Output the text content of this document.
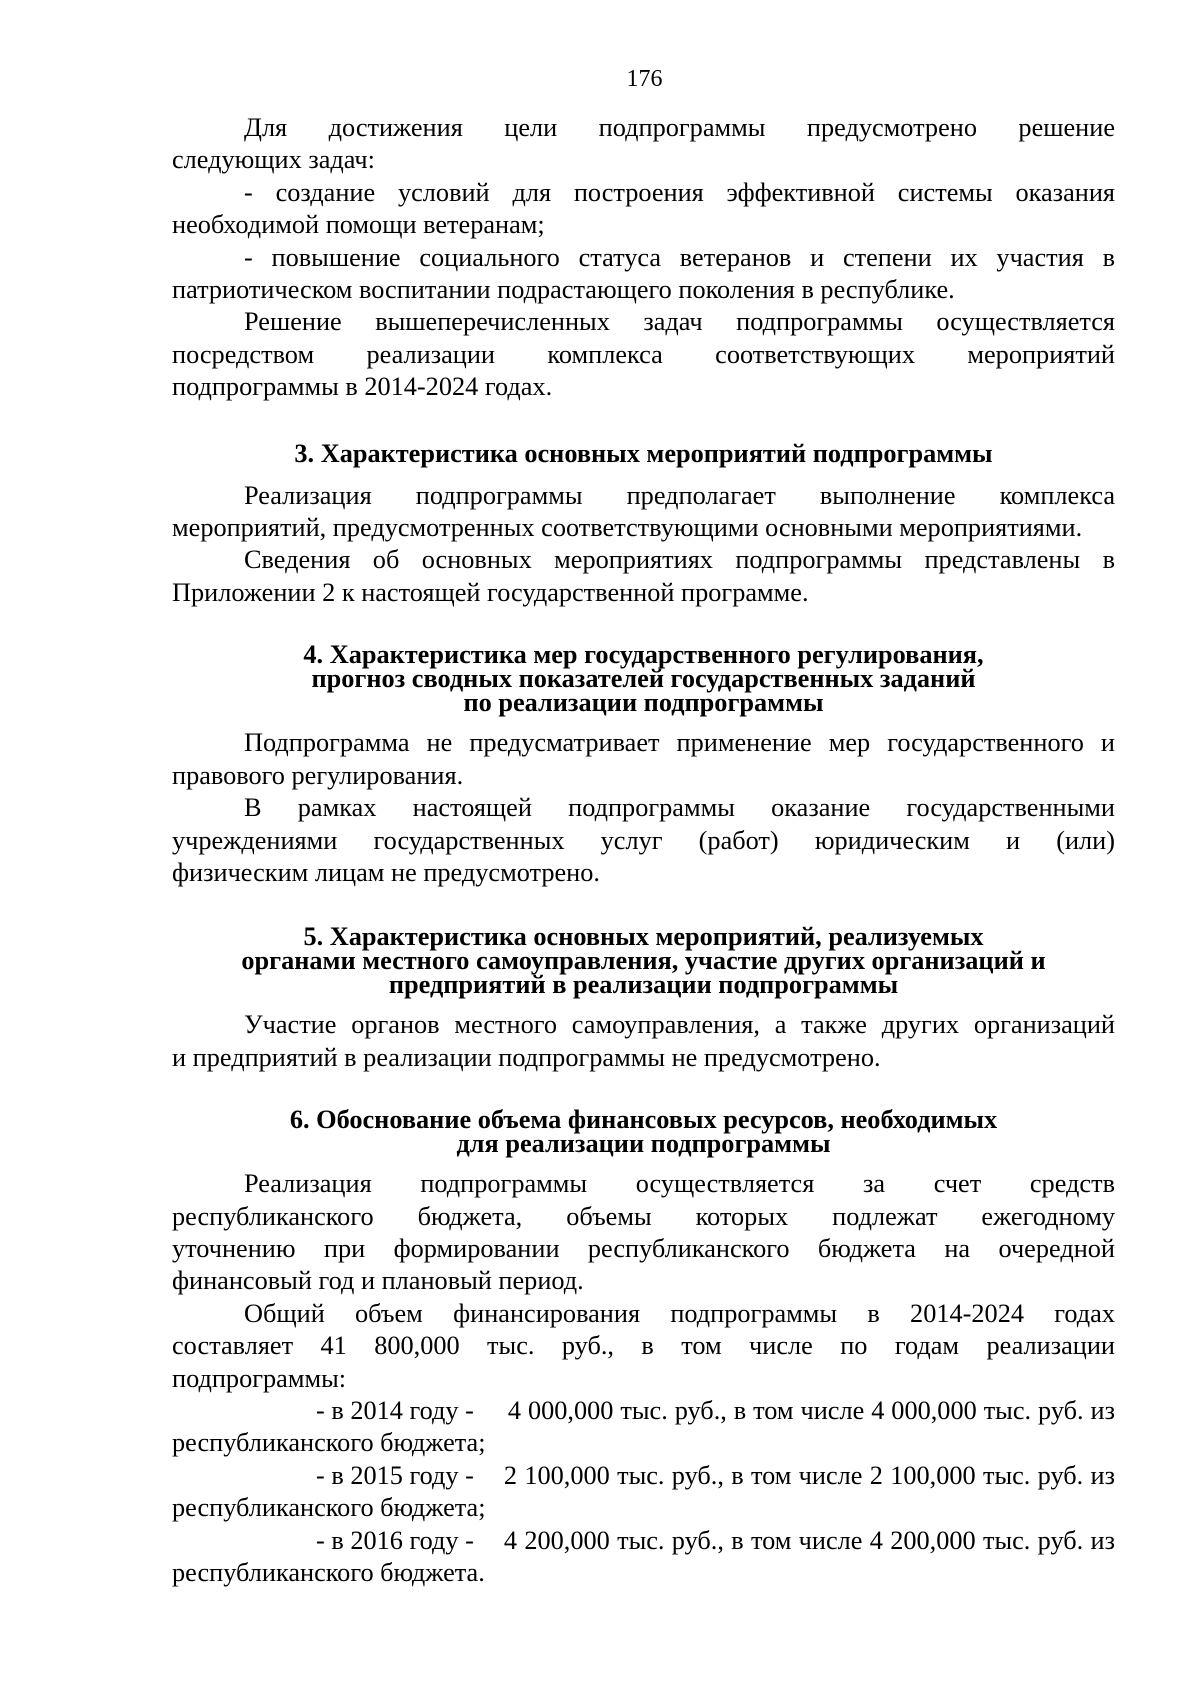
176

Для достижения цели подпрограммы предусмотрено решение

следующих задач:

- создание условий для построения эффективной системы оказания

необходимой помощи ветеранам;

- повышение социального статуса ветеранов и степени их участия в

патриотическом воспитании подрастающего поколения в республике.

Решение вышеперечисленных задач подпрограммы осуществляется

посредством реализации комплекса соответствующих мероприятий

подпрограммы в 2014-2024 годах.

3. Характеристика основных мероприятий подпрограммы

Реализация подпрограммы предполагает выполнение комплекса

мероприятий, предусмотренных соответствующими основными мероприятиями.

Сведения об основных мероприятиях подпрограммы представлены в

Приложении 2 к настоящей государственной программе.

4. Характеристика мер государственного регулирования,
прогноз сводных показателей государственных заданий
по реализации подпрограммы

Подпрограмма не предусматривает применение мер государственного и

правового регулирования.

В рамках настоящей подпрограммы оказание государственными

учреждениями государственных услуг (работ) юридическим и (или)

физическим лицам не предусмотрено.

5. Характеристика основных мероприятий, реализуемых
органами местного самоуправления, участие других организаций и
предприятий в реализации подпрограммы

Участие органов местного самоуправления, а также других организаций

и предприятий в реализации подпрограммы не предусмотрено.

6. Обоснование объема финансовых ресурсов, необходимых
для реализации подпрограммы

Реализация подпрограммы осуществляется за счет средств

республиканского бюджета, объемы которых подлежат ежегодному

уточнению при формировании республиканского бюджета на очередной

финансовый год и плановый период.

Общий объем финансирования подпрограммы в 2014-2024 годах

составляет 41 800,000 тыс. руб., в том числе по годам реализации

подпрограммы:

- в 2014 году - 4 000,000 тыс. руб., в том числе 4 000,000 тыс. руб. из

республиканского бюджета;

- в 2015 году - 2 100,000 тыс. руб., в том числе 2 100,000 тыс. руб. из

республиканского бюджета;

- в 2016 году - 4 200,000 тыс. руб., в том числе 4 200,000 тыс. руб. из

республиканского бюджета.
